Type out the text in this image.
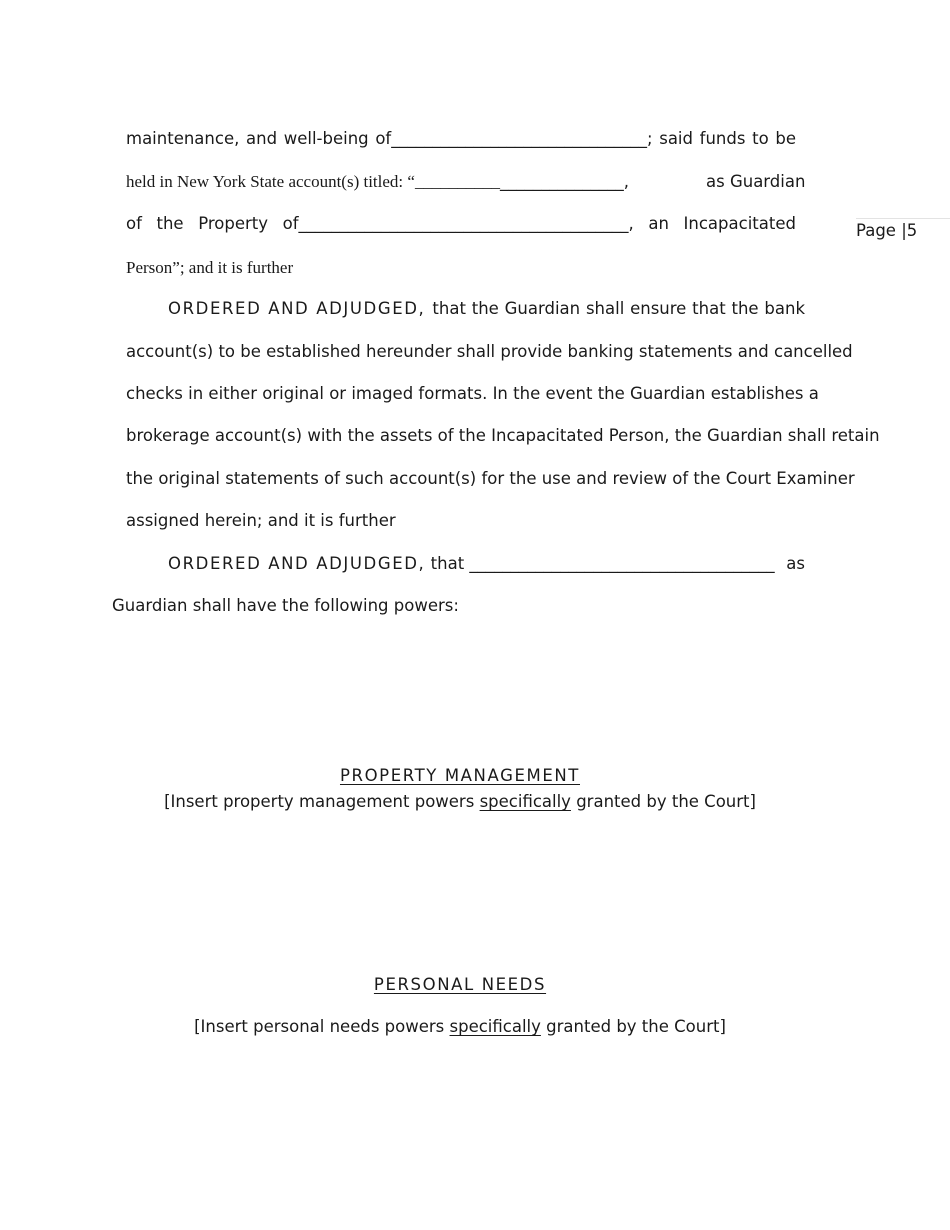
Page |5
maintenance, and well-being of_______________________________; said funds to be
held in New York State account(s) titled: “_________________________,	as Guardian
of the Property of________________________________________, an Incapacitated
Person”; and it is further
ORDERED AND ADJUDGED, that the Guardian shall ensure that the bank
account(s) to be established hereunder shall provide banking statements and cancelled
checks in either original or imaged formats. In the event the Guardian establishes a
brokerage account(s) with the assets of the Incapacitated Person, the Guardian shall retain
the original statements of such account(s) for the use and review of the Court Examiner
assigned herein; and it is further
ORDERED AND ADJUDGED, that _____________________________________ as
Guardian shall have the following powers:
PROPERTY MANAGEMENT
[Insert property management powers specifically granted by the Court]
PERSONAL NEEDS
[Insert personal needs powers specifically granted by the Court]
